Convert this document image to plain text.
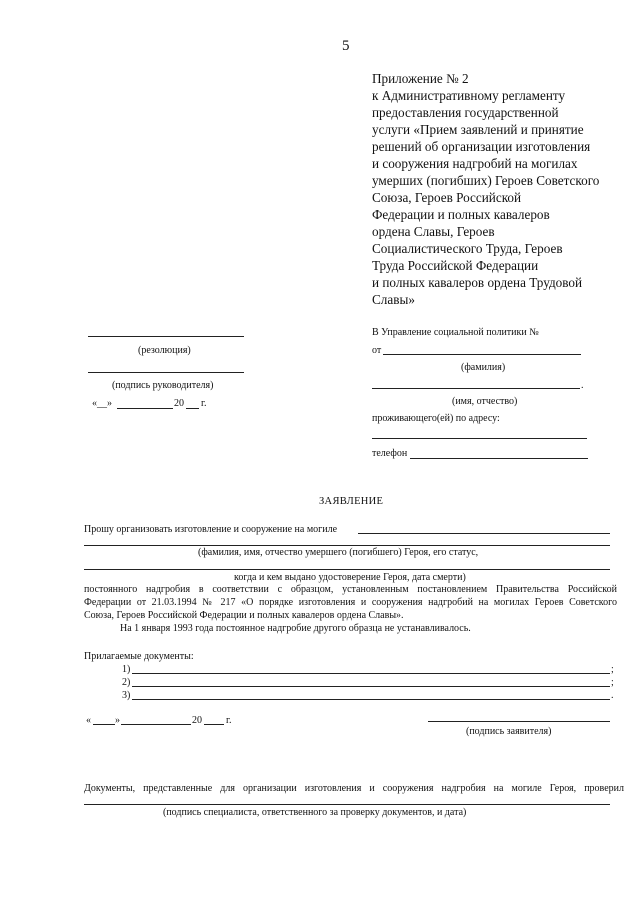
5
Приложение № 2
к Административному регламенту
предоставления государственной
услуги «Прием заявлений и принятие
решений об организации изготовления
и сооружения надгробий на могилах
умерших (погибших) Героев Советского
Союза, Героев Российской
Федерации и полных кавалеров
ордена Славы, Героев
Социалистического Труда, Героев
Труда Российской Федерации
и полных кавалеров ордена Трудовой
Славы»
(резолюция)
(подпись руководителя)
«__»	20 г.
В Управление социальной политики №
от
(фамилия)
.
(имя, отчество)
проживающего(ей) по адресу:
телефон
ЗАЯВЛЕНИЕ
Прошу организовать изготовление и сооружение на могиле
(фамилия, имя, отчество умершего (погибшего) Героя, его статус,
когда и кем выдано удостоверение Героя, дата смерти)
постоянного надгробия в соответствии с образцом, установленным постановлением Правительства Российской
Федерации от 21.03.1994 № 217 «О порядке изготовления и сооружения надгробий на могилах Героев Советского
Союза, Героев Российской Федерации и полных кавалеров ордена Славы».
На 1 января 1993 года постоянное надгробие другого образца не устанавливалось.
Прилагаемые документы:
1)	;
2)	;
3)	.
« »	20 г.
(подпись заявителя)
Документы, представленные для организации изготовления и сооружения надгробия на могиле Героя, проверил
(подпись специалиста, ответственного за проверку документов, и дата)
